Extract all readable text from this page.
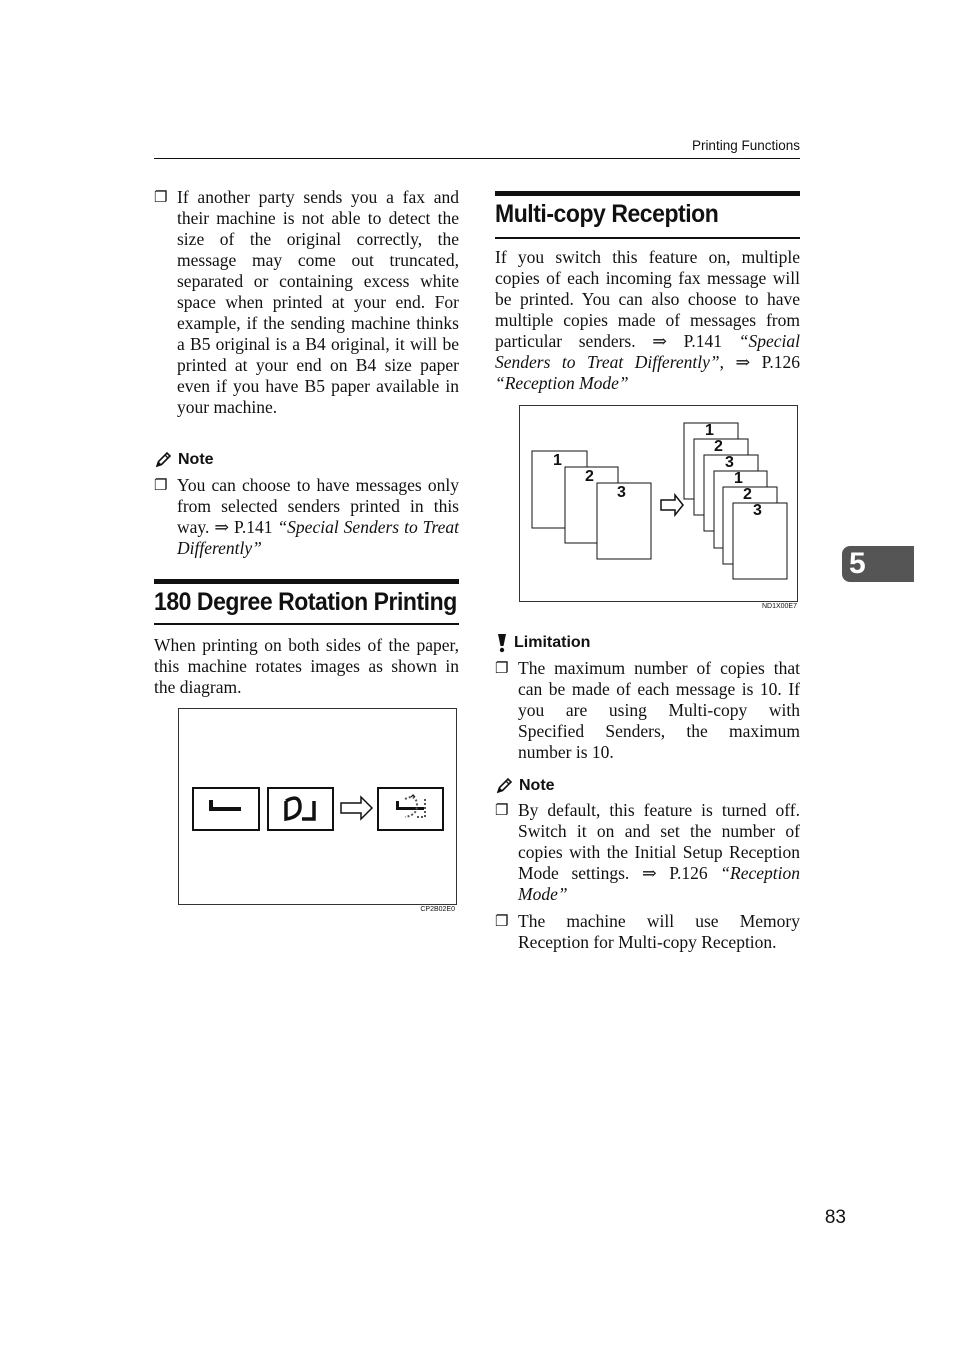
Printing Functions
❐ If another party sends you a fax and their machine is not able to detect the size of the original correctly, the message may come out truncated, separated or containing excess white space when printed at your end. For example, if the sending machine thinks a B5 original is a B4 original, it will be printed at your end on B4 size paper even if you have B5 paper available in your machine.
Note
❐ You can choose to have messages only from selected senders printed in this way. ⇒ P.141 “Special Senders to Treat Differently”
180 Degree Rotation Printing
When printing on both sides of the paper, this machine rotates images as shown in the diagram.
CP2B02E0
Multi-copy Reception
If you switch this feature on, multiple copies of each incoming fax message will be printed. You can also choose to have multiple copies made of messages from particular senders. ⇒ P.141 “Special Senders to Treat Differently”, ⇒ P.126 “Reception Mode”
1
2
3
1
2
3
1
2
3
ND1X00E7
Limitation
❐ The maximum number of copies that can be made of each message is 10. If you are using Multi-copy with Specified Senders, the maximum number is 10.
Note
❐ By default, this feature is turned off. Switch it on and set the number of copies with the Initial Setup Reception Mode settings. ⇒ P.126 “Reception Mode”
❐ The machine will use Memory Reception for Multi-copy Reception.
5
83
